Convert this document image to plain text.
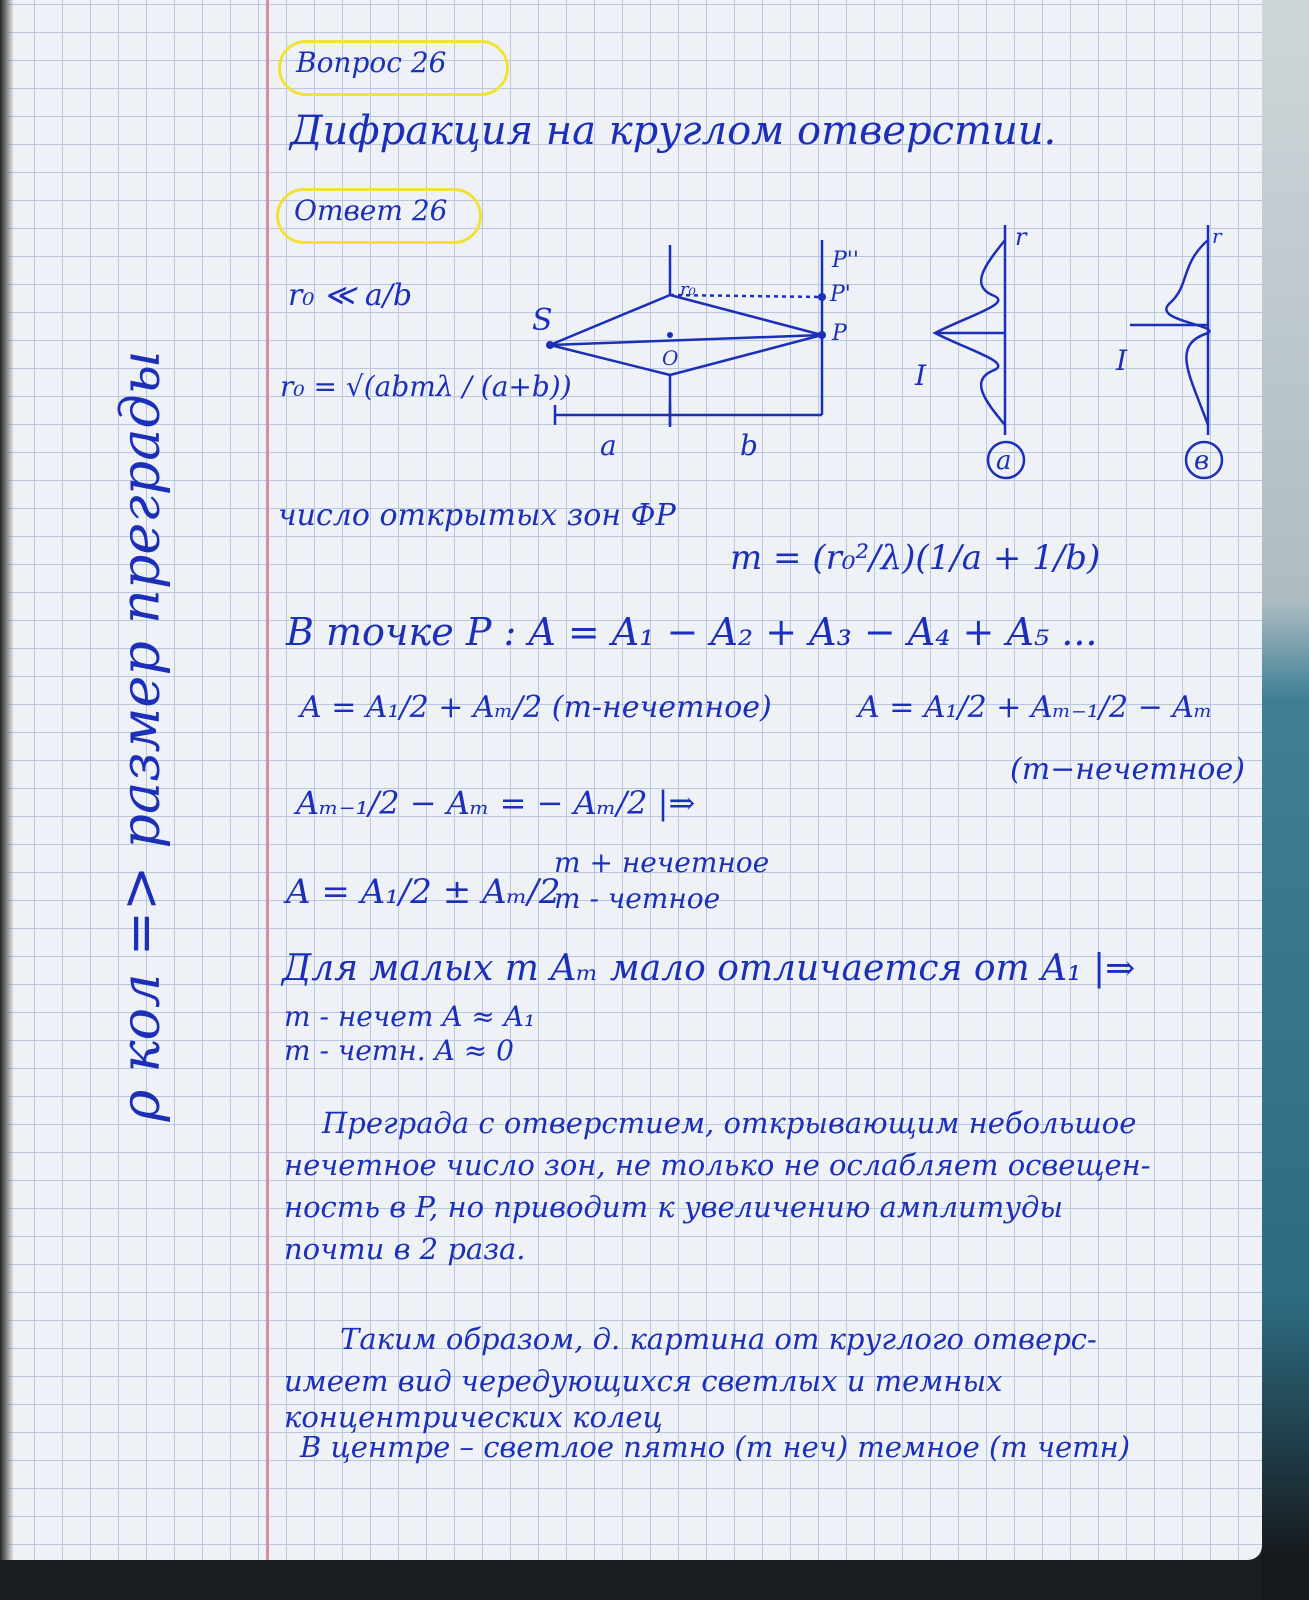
ρ кол => размер преграды
Вопрос 26
Дифракция на круглом отверстии.
Ответ 26
r₀ ≪ a/b
r₀ = √(abmλ / (a+b))
S
O
r₀
P''
P'
P
a	b
r
I
r
I
a	в
число открытых зон ФР
m = (r₀²/λ)(1/a + 1/b)
В точке P : A = A₁ − A₂ + A₃ − A₄ + A₅ ...
A = A₁/2 + Aₘ/2 (m-нечетное)	A = A₁/2 + Aₘ₋₁/2 − Aₘ
(m−нечетное)
Aₘ₋₁/2 − Aₘ = − Aₘ/2 |⇒
A = A₁/2 ± Aₘ/2
m + нечетное
m - четное
Для малых m Aₘ мало отличается от A₁ |⇒
m - нечет A ≈ A₁
m - четн. A ≈ 0
Преграда с отверстием, открывающим небольшое
нечетное число зон, не только не ослабляет освещен-
ность в P, но приводит к увеличению амплитуды
почти в 2 раза.
Таким образом, д. картина от круглого отверс-
имеет вид чередующихся светлых и темных
концентрических колец
В центре – светлое пятно (m неч) темное (m четн)
